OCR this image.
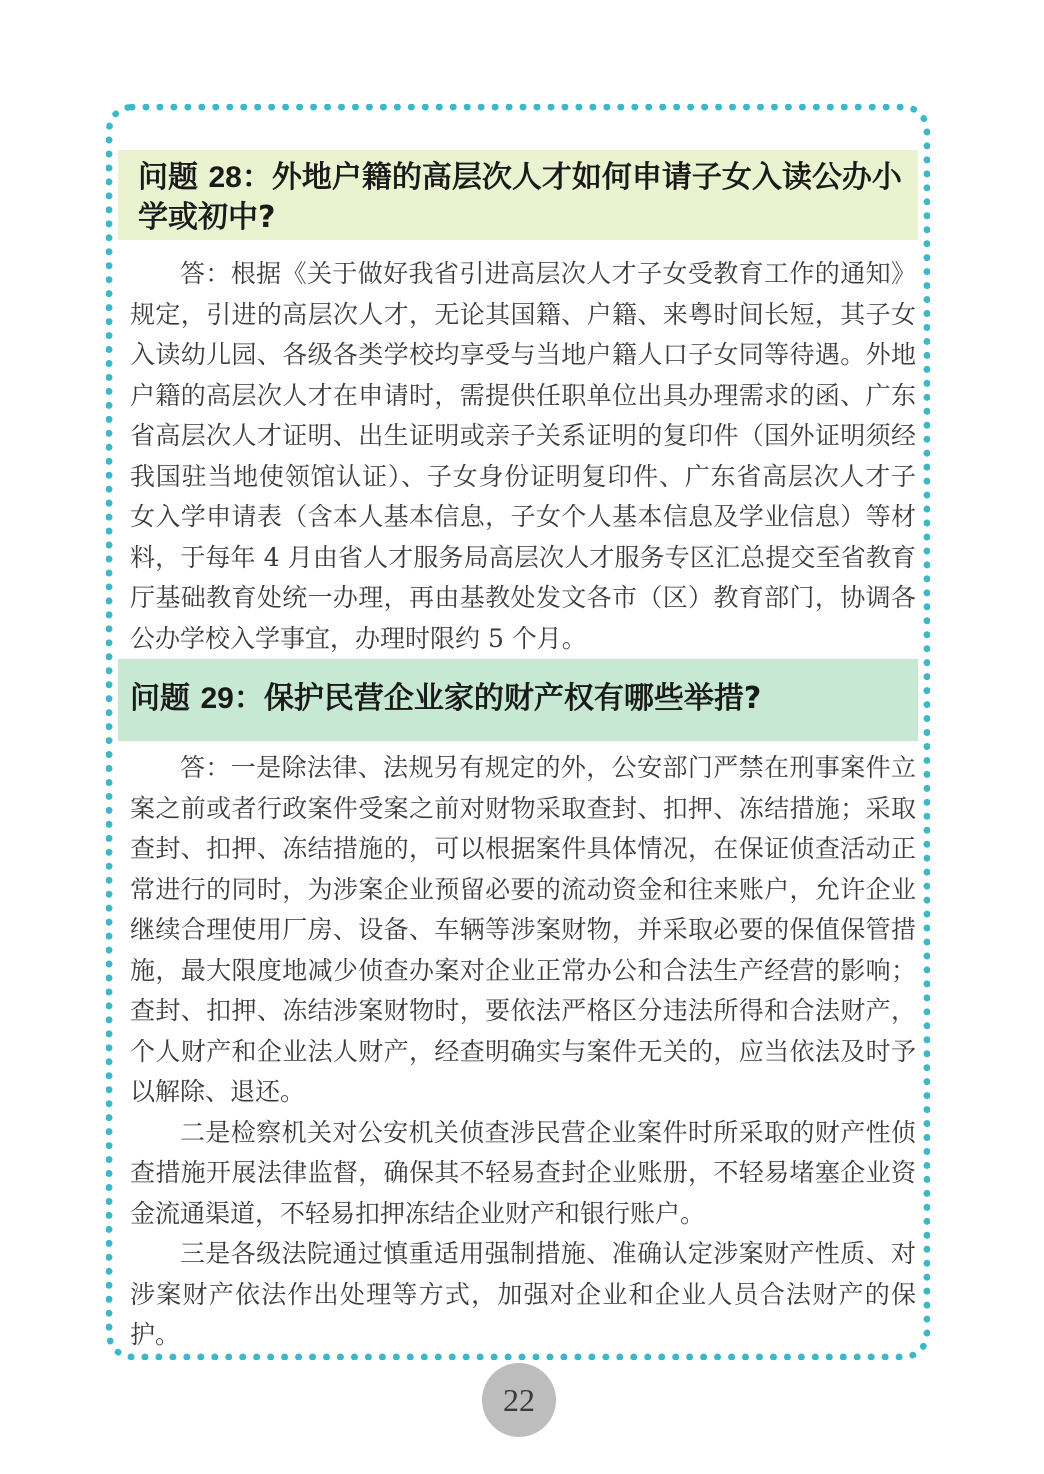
问题 28：外地户籍的高层次人才如何申请子女入读公办小学或初中?

答：根据《关于做好我省引进高层次人才子女受教育工作的通知》规定，引进的高层次人才，无论其国籍、户籍、来粤时间长短，其子女入读幼儿园、各级各类学校均享受与当地户籍人口子女同等待遇。外地户籍的高层次人才在申请时，需提供任职单位出具办理需求的函、广东省高层次人才证明、出生证明或亲子关系证明的复印件（国外证明须经我国驻当地使领馆认证）、子女身份证明复印件、广东省高层次人才子女入学申请表（含本人基本信息，子女个人基本信息及学业信息）等材料，于每年 4 月由省人才服务局高层次人才服务专区汇总提交至省教育厅基础教育处统一办理，再由基教处发文各市（区）教育部门，协调各公办学校入学事宜，办理时限约 5 个月。

问题 29：保护民营企业家的财产权有哪些举措?

答：一是除法律、法规另有规定的外，公安部门严禁在刑事案件立案之前或者行政案件受案之前对财物采取查封、扣押、冻结措施；采取查封、扣押、冻结措施的，可以根据案件具体情况，在保证侦查活动正常进行的同时，为涉案企业预留必要的流动资金和往来账户，允许企业继续合理使用厂房、设备、车辆等涉案财物，并采取必要的保值保管措施，最大限度地减少侦查办案对企业正常办公和合法生产经营的影响；查封、扣押、冻结涉案财物时，要依法严格区分违法所得和合法财产，个人财产和企业法人财产，经查明确实与案件无关的，应当依法及时予以解除、退还。

二是检察机关对公安机关侦查涉民营企业案件时所采取的财产性侦查措施开展法律监督，确保其不轻易查封企业账册，不轻易堵塞企业资金流通渠道，不轻易扣押冻结企业财产和银行账户。

三是各级法院通过慎重适用强制措施、准确认定涉案财产性质、对涉案财产依法作出处理等方式，加强对企业和企业人员合法财产的保护。

22
